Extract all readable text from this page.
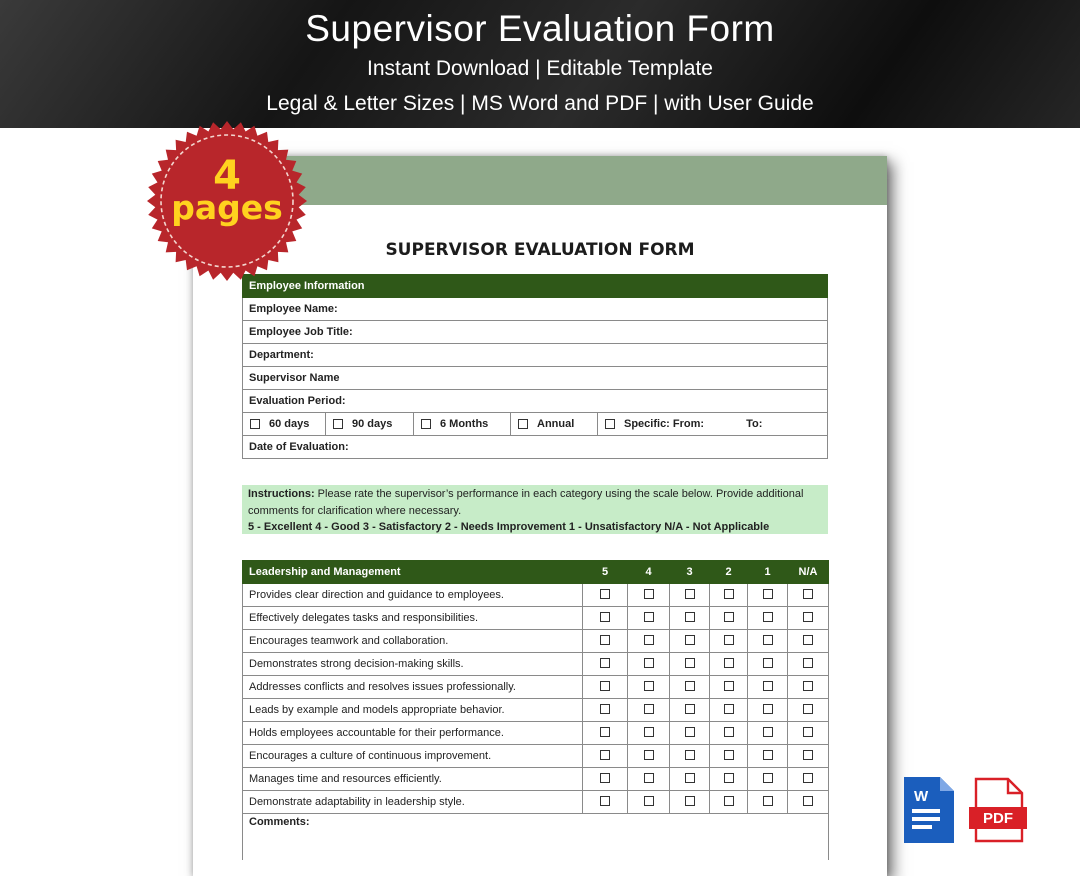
Supervisor Evaluation Form
Instant Download | Editable Template
Legal & Letter Sizes | MS Word and PDF | with User Guide
SUPERVISOR EVALUATION FORM
Employee Information
Employee Name:
Employee Job Title:
Department:
Supervisor Name
Evaluation Period:

60 days	90 days	6 Months	Annual	Specific: From:	To:

Date of Evaluation:
Instructions: Please rate the supervisor’s performance in each category using the scale below. Provide additional comments for clarification where necessary.
5 - Excellent 4 - Good 3 - Satisfactory 2 - Needs Improvement 1 - Unsatisfactory N/A - Not Applicable
Leadership and Management	5	4	3	2	1	N/A
Provides clear direction and guidance to employees.						
Effectively delegates tasks and responsibilities.						
Encourages teamwork and collaboration.						
Demonstrates strong decision-making skills.						
Addresses conflicts and resolves issues professionally.						
Leads by example and models appropriate behavior.						
Holds employees accountable for their performance.						
Encourages a culture of continuous improvement.						
Manages time and resources efficiently.						
Demonstrate adaptability in leadership style.						
Comments:						
4
pages
W
PDF
